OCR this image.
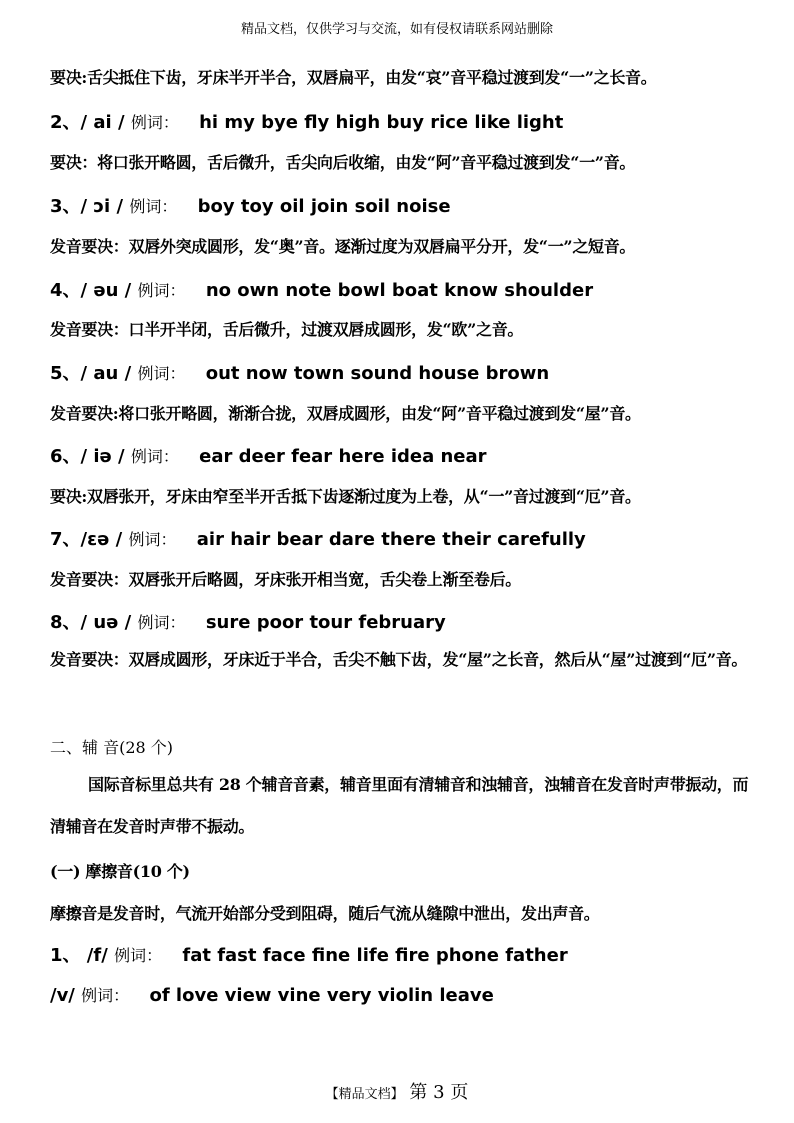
精品文档，仅供学习与交流，如有侵权请联系网站删除
要决:舌尖抵住下齿，牙床半开半合，双唇扁平，由发“哀”音平稳过渡到发“一”之长音。
2、/ ai / 例词： hi my bye fly high buy rice like light
要决：将口张开略圆，舌后微升，舌尖向后收缩，由发“阿”音平稳过渡到发“一”音。
3、/ ɔi / 例词： boy toy oil join soil noise
发音要决：双唇外突成圆形，发“奥”音。逐渐过度为双唇扁平分开，发“一”之短音。
4、/ əu / 例词： no own note bowl boat know shoulder
发音要决：口半开半闭，舌后微升，过渡双唇成圆形，发“欧”之音。
5、/ au / 例词： out now town sound house brown
发音要决:将口张开略圆，渐渐合拢，双唇成圆形，由发“阿”音平稳过渡到发“屋”音。
6、/ iə / 例词： ear deer fear here idea near
要决:双唇张开，牙床由窄至半开舌抵下齿逐渐过度为上卷，从“一”音过渡到“厄”音。
7、/ɛə / 例词： air hair bear dare there their carefully
发音要决：双唇张开后略圆，牙床张开相当宽，舌尖卷上渐至卷后。
8、/ uə / 例词： sure poor tour february
发音要决：双唇成圆形，牙床近于半合，舌尖不触下齿，发“屋”之长音，然后从“屋”过渡到“厄”音。
二、辅 音(28 个)
国际音标里总共有 28 个辅音音素，辅音里面有清辅音和浊辅音，浊辅音在发音时声带振动，而清辅音在发音时声带不振动。
(一) 摩擦音(10 个)
摩擦音是发音时，气流开始部分受到阻碍，随后气流从缝隙中泄出，发出声音。
1、 /f/ 例词： fat fast face fine life fire phone father
/v/ 例词： of love view vine very violin leave
【精品文档】 第 3 页
